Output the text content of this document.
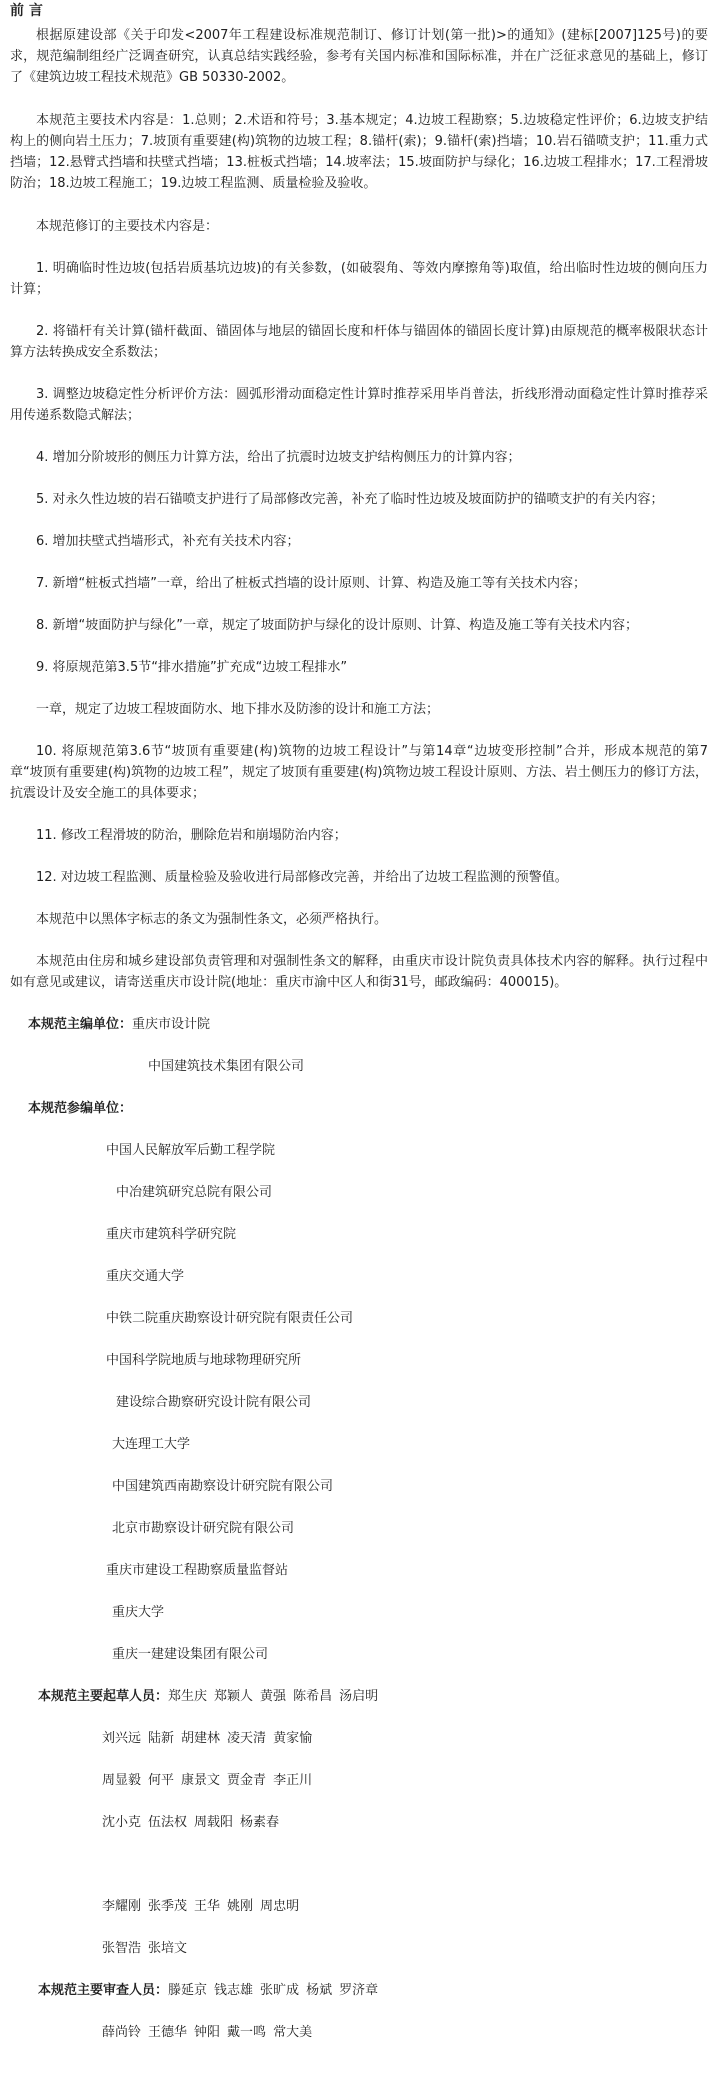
前 言

根据原建设部《关于印发<2007年工程建设标准规范制订、修订计划(第一批)>的通知》(建标[2007]125号)的要求，规范编制组经广泛调查研究，认真总结实践经验，参考有关国内标准和国际标准，并在广泛征求意见的基础上，修订了《建筑边坡工程技术规范》GB 50330-2002。

本规范主要技术内容是：1.总则；2.术语和符号；3.基本规定；4.边坡工程勘察；5.边坡稳定性评价；6.边坡支护结构上的侧向岩土压力；7.坡顶有重要建(构)筑物的边坡工程；8.锚杆(索)；9.锚杆(索)挡墙；10.岩石锚喷支护；11.重力式挡墙；12.悬臂式挡墙和扶壁式挡墙；13.桩板式挡墙；14.坡率法；15.坡面防护与绿化；16.边坡工程排水；17.工程滑坡防治；18.边坡工程施工；19.边坡工程监测、质量检验及验收。

本规范修订的主要技术内容是：

1. 明确临时性边坡(包括岩质基坑边坡)的有关参数，(如破裂角、等效内摩擦角等)取值，给出临时性边坡的侧向压力计算；

2. 将锚杆有关计算(锚杆截面、锚固体与地层的锚固长度和杆体与锚固体的锚固长度计算)由原规范的概率极限状态计算方法转换成安全系数法；

3. 调整边坡稳定性分析评价方法：圆弧形滑动面稳定性计算时推荐采用毕肖普法，折线形滑动面稳定性计算时推荐采用传递系数隐式解法；

4. 增加分阶坡形的侧压力计算方法，给出了抗震时边坡支护结构侧压力的计算内容；

5. 对永久性边坡的岩石锚喷支护进行了局部修改完善，补充了临时性边坡及坡面防护的锚喷支护的有关内容；

6. 增加扶壁式挡墙形式，补充有关技术内容；

7. 新增“桩板式挡墙”一章，给出了桩板式挡墙的设计原则、计算、构造及施工等有关技术内容；

8. 新增“坡面防护与绿化”一章，规定了坡面防护与绿化的设计原则、计算、构造及施工等有关技术内容；

9. 将原规范第3.5节“排水措施”扩充成“边坡工程排水”

一章，规定了边坡工程坡面防水、地下排水及防渗的设计和施工方法；

10. 将原规范第3.6节“坡顶有重要建(构)筑物的边坡工程设计”与第14章“边坡变形控制”合并，形成本规范的第7章“坡顶有重要建(构)筑物的边坡工程”，规定了坡顶有重要建(构)筑物边坡工程设计原则、方法、岩土侧压力的修订方法，抗震设计及安全施工的具体要求；

11. 修改工程滑坡的防治，删除危岩和崩塌防治内容；

12. 对边坡工程监测、质量检验及验收进行局部修改完善，并给出了边坡工程监测的预警值。

本规范中以黑体字标志的条文为强制性条文，必须严格执行。

本规范由住房和城乡建设部负责管理和对强制性条文的解释，由重庆市设计院负责具体技术内容的解释。执行过程中如有意见或建议，请寄送重庆市设计院(地址：重庆市渝中区人和街31号，邮政编码：400015)。

本规范主编单位：重庆市设计院

中国建筑技术集团有限公司

本规范参编单位：

中国人民解放军后勤工程学院

中冶建筑研究总院有限公司

重庆市建筑科学研究院

重庆交通大学

中铁二院重庆勘察设计研究院有限责任公司

中国科学院地质与地球物理研究所

建设综合勘察研究设计院有限公司

大连理工大学

中国建筑西南勘察设计研究院有限公司

北京市勘察设计研究院有限公司

重庆市建设工程勘察质量监督站

重庆大学

重庆一建建设集团有限公司

本规范主要起草人员：郑生庆 郑颖人 黄强 陈希昌 汤启明

刘兴远 陆新 胡建林 凌天清 黄家愉

周显毅 何平 康景文 贾金青 李正川

沈小克 伍法权 周载阳 杨素春

李耀刚 张季茂 王华 姚刚 周忠明

张智浩 张培文

本规范主要审查人员：滕延京 钱志雄 张旷成 杨斌 罗济章

薛尚铃 王德华 钟阳 戴一鸣 常大美
